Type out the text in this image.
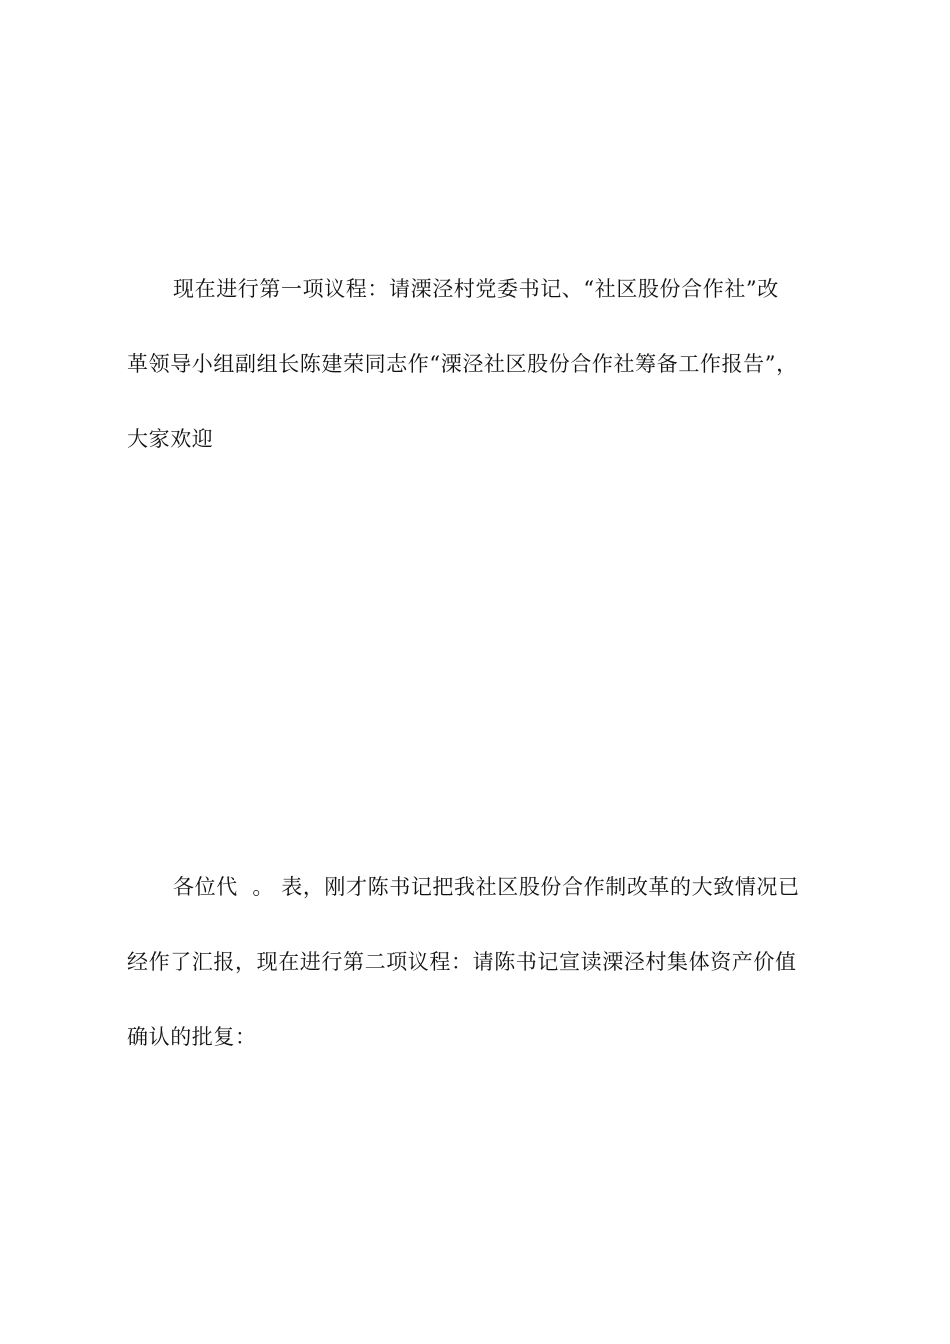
现在进行第一项议程：请溧泾村党委书记、“社区股份合作社”改
革领导小组副组长陈建荣同志作“溧泾社区股份合作社筹备工作报告”，
大家欢迎
各位代  。 表，刚才陈书记把我社区股份合作制改革的大致情况已
经作了汇报，现在进行第二项议程：请陈书记宣读溧泾村集体资产价值
确认的批复：
